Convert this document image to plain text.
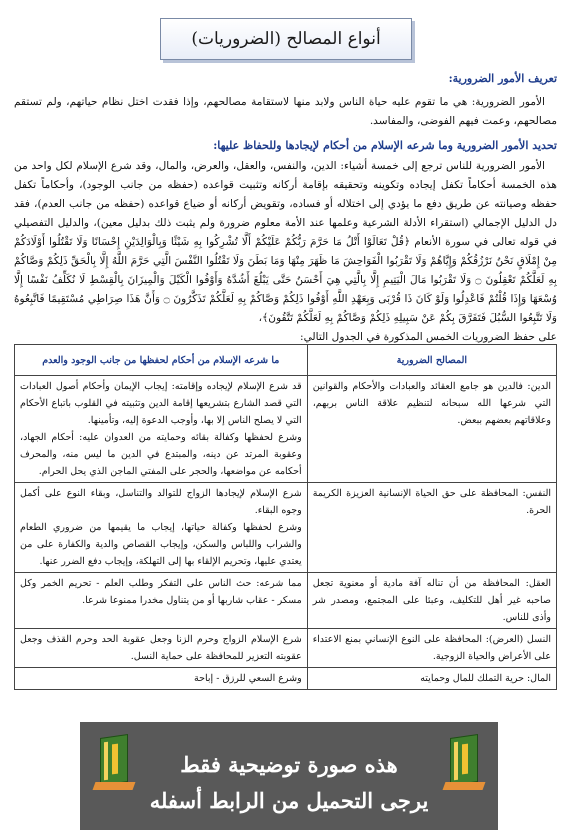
أنواع المصالح (الضروريات)
تعريف الأمور الضرورية:

الأمور الضرورية: هي ما تقوم عليه حياة الناس ولابد منها لاستقامة مصالحهم، وإذا فقدت اختل نظام حياتهم، ولم تستقم مصالحهم، وعمت فيهم الفوضى، والمفاسد.

تحديد الأمور الضرورية وما شرعه الإسلام من أحكام لإيجادها وللحفاظ عليها:

الأمور الضرورية للناس ترجع إلى خمسة أشياء: الدين، والنفس، والعقل، والعرض، والمال، وقد شرع الإسلام لكل واحد من هذه الخمسة أحكاماً تكفل إيجاده وتكوينه وتحقيقه بإقامة أركانه وتثبيت قواعده (حفظه من جانب الوجود)، وأحكاماً تكفل حفظه وصيانته عن طريق دفع ما يؤدي إلى اختلاله أو فساده، وتقويض أركانه أو ضياع قواعده (حفظه من جانب العدم)، فقد دل الدليل الإجمالي (استقراء الأدلة الشرعية وعلمها عند الأمة معلوم ضرورة ولم يثبت ذلك بدليل معين)، والدليل التفصيلي في قوله تعالى في سورة الأنعام ﴿قُلْ تَعَالَوْا أَتْلُ مَا حَرَّمَ رَبُّكُمْ عَلَيْكُمْ أَلَّا تُشْرِكُوا بِهِ شَيْئًا وَبِالْوَالِدَيْنِ إِحْسَانًا وَلَا تَقْتُلُوا أَوْلَادَكُمْ مِنْ إِمْلَاقٍ نَحْنُ نَرْزُقُكُمْ وَإِيَّاهُمْ وَلَا تَقْرَبُوا الْفَوَاحِشَ مَا ظَهَرَ مِنْهَا وَمَا بَطَنَ وَلَا تَقْتُلُوا النَّفْسَ الَّتِي حَرَّمَ اللَّهُ إِلَّا بِالْحَقِّ ذَلِكُمْ وَصَّاكُمْ بِهِ لَعَلَّكُمْ تَعْقِلُونَ ۝ وَلَا تَقْرَبُوا مَالَ الْيَتِيمِ إِلَّا بِالَّتِي هِيَ أَحْسَنُ حَتَّى يَبْلُغَ أَشُدَّهُ وَأَوْفُوا الْكَيْلَ وَالْمِيزَانَ بِالْقِسْطِ لَا نُكَلِّفُ نَفْسًا إِلَّا وُسْعَهَا وَإِذَا قُلْتُمْ فَاعْدِلُوا وَلَوْ كَانَ ذَا قُرْبَى وَبِعَهْدِ اللَّهِ أَوْفُوا ذَلِكُمْ وَصَّاكُمْ بِهِ لَعَلَّكُمْ تَذَكَّرُونَ ۝ وَأَنَّ هَذَا صِرَاطِي مُسْتَقِيمًا فَاتَّبِعُوهُ وَلَا تَتَّبِعُوا السُّبُلَ فَتَفَرَّقَ بِكُمْ عَنْ سَبِيلِهِ ذَلِكُمْ وَصَّاكُمْ بِهِ لَعَلَّكُمْ تَتَّقُونَ﴾،

على حفظ الضروريات الخمس المذكورة في الجدول التالي:

المصالح الضرورية	ما شرعه الإسلام من أحكام لحفظها من جانب الوجود والعدم
الدين: فالدين هو جامع العقائد والعبادات والأحكام والقوانين التي شرعها الله سبحانه لتنظيم علاقة الناس بربهم، وعلاقاتهم بعضهم ببعض.	قد شرع الإسلام لإيجاده وإقامته: إيجاب الإيمان وأحكام أصول العبادات التي قصد الشارع بتشريعها إقامة الدين وتثبيته في القلوب باتباع الأحكام التي لا يصلح الناس إلا بها، وأوجب الدعوة إليه، وتأمينها.

وشرع لحفظها وكفالة بقائه وحمايته من العدوان عليه: أحكام الجهاد، وعقوبة المرتد عن دينه، والمبتدع في الدين ما ليس منه، والمحرف أحكامه عن مواضعها، والحجر على المفتي الماجن الذي يحل الحرام.

النفس: المحافظة على حق الحياة الإنسانية العزيزة الكريمة الحرة.	شرع الإسلام لإيجادها الزواج للتوالد والتناسل، وبقاء النوع على أكمل وجوه البقاء.

وشرع لحفظها وكفالة حياتها، إيجاب ما يقيمها من ضروري الطعام والشراب واللباس والسكن، وإيجاب القصاص والدية والكفارة على من يعتدي عليها، وتحريم الإلقاء بها إلى التهلكة، وإيجاب دفع الضرر عنها.

العقل: المحافظة من أن تناله آفة مادية أو معنوية تجعل صاحبه غير أهل للتكليف، وعبئا على المجتمع، ومصدر شر وأذى للناس.	مما شرعه: حث الناس على التفكر وطلب العلم - تحريم الخمر وكل مسكر - عقاب شاربها أو من يتناول مخدرا ممنوعا شرعا.

النسل (العرض): المحافظة على النوع الإنساني بمنع الاعتداء على الأعراض والحياة الزوجية.	شرع الإسلام الزواج وحرم الزنا وجعل عقوبة الحد وحرم القذف وجعل عقوبته التعزير للمحافظة على حماية النسل.

المال: حرية التملك للمال وحمايته	وشرع السعي للرزق - إباحة

هذه صورة توضيحية فقط
يرجى التحميل من الرابط أسفله
